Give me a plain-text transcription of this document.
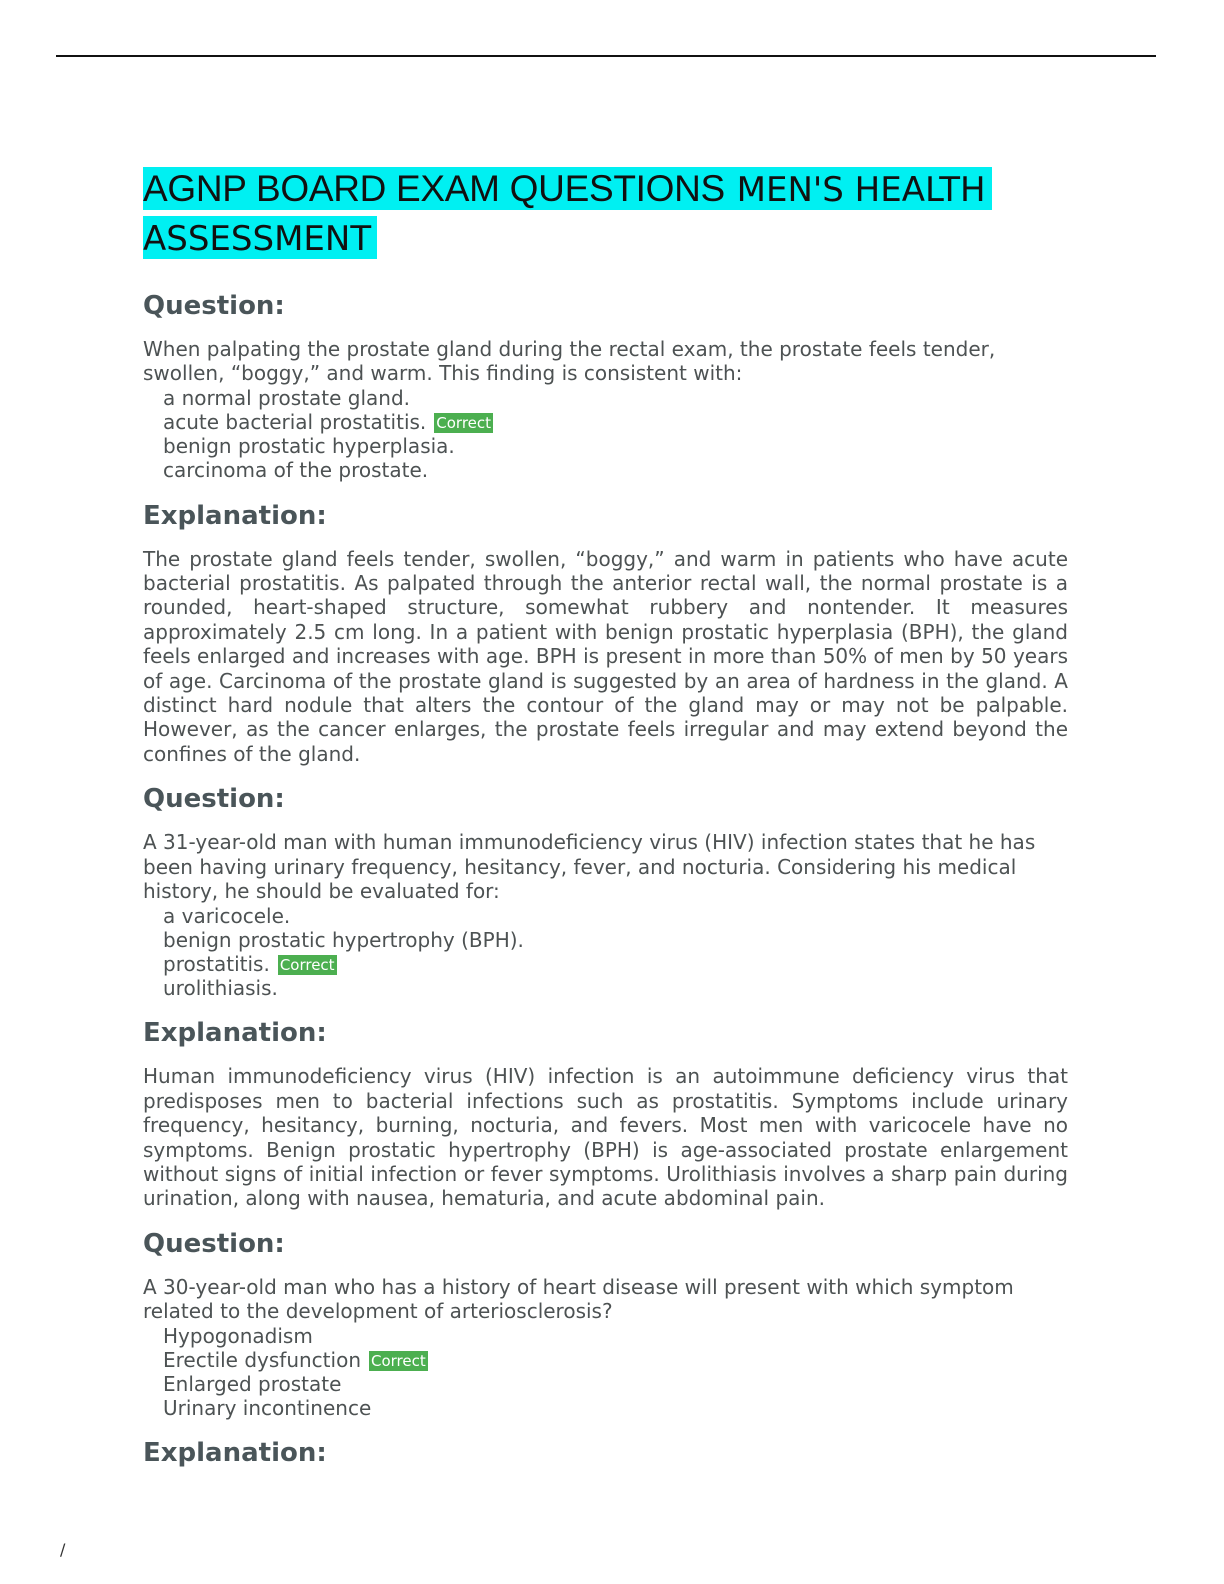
AGNP BOARD EXAM QUESTIONS MEN'S HEALTH ASSESSMENT
Question:

When palpating the prostate gland during the rectal exam, the prostate feels tender, swollen, “boggy,” and warm. This finding is consistent with:

a normal prostate gland.
acute bacterial prostatitis. Correct
benign prostatic hyperplasia.
carcinoma of the prostate.
Explanation:

The prostate gland feels tender, swollen, “boggy,” and warm in patients who have acute bacterial prostatitis. As palpated through the anterior rectal wall, the normal prostate is a rounded, heart-shaped structure, somewhat rubbery and nontender. It measures approximately 2.5 cm long. In a patient with benign prostatic hyperplasia (BPH), the gland feels enlarged and increases with age. BPH is present in more than 50% of men by 50 years of age. Carcinoma of the prostate gland is suggested by an area of hardness in the gland. A distinct hard nodule that alters the contour of the gland may or may not be palpable. However, as the cancer enlarges, the prostate feels irregular and may extend beyond the confines of the gland.

Question:

A 31-year-old man with human immunodeficiency virus (HIV) infection states that he has been having urinary frequency, hesitancy, fever, and nocturia. Considering his medical history, he should be evaluated for:

a varicocele.
benign prostatic hypertrophy (BPH).
prostatitis. Correct
urolithiasis.
Explanation:

Human immunodeficiency virus (HIV) infection is an autoimmune deficiency virus that predisposes men to bacterial infections such as prostatitis. Symptoms include urinary frequency, hesitancy, burning, nocturia, and fevers. Most men with varicocele have no symptoms. Benign prostatic hypertrophy (BPH) is age-associated prostate enlargement without signs of initial infection or fever symptoms. Urolithiasis involves a sharp pain during urination, along with nausea, hematuria, and acute abdominal pain.

Question:

A 30-year-old man who has a history of heart disease will present with which symptom related to the development of arteriosclerosis?

Hypogonadism
Erectile dysfunction Correct
Enlarged prostate
Urinary incontinence
Explanation:
/
